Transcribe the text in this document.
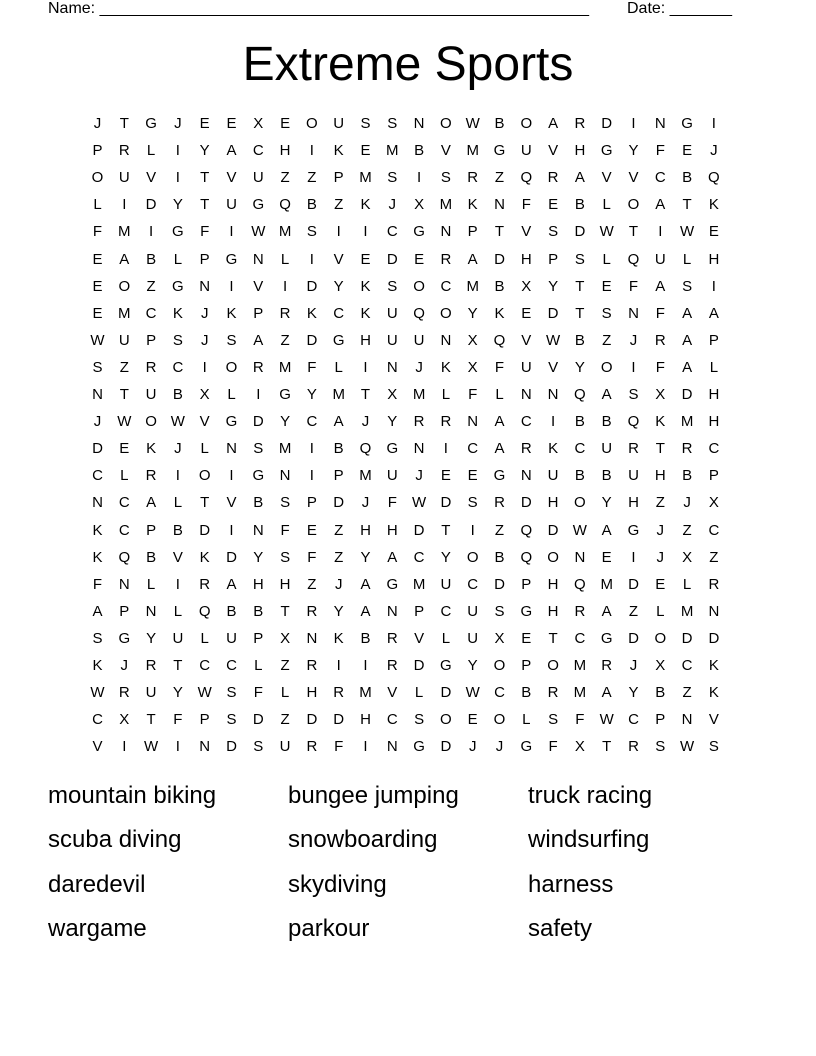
Name: _______________________________________________________ Date: _______
Extreme Sports
J	T	G	J	E	E	X	E	O	U	S	S	N	O W B	O	A	R	D	I	N	G	I
P	R	L	I	Y	A	C	H	I	K	E	M	B	V	M G	U	V	H	G	Y	F	E	J
O	U	V	I	T	V	U	Z	Z	P	M	S	I	S	R	Z	Q	R	A	V	V	C	B	Q
L	I	D	Y	T	U	G	Q	B	Z	K	J	X	M	K	N	F	E	B	L	O	A	T	K
F	M	I	G	F	I	W M	S	I	I	C	G	N	P	T	V	S	D W	T	I	W E
E	A	B	L	P	G	N	L	I	V	E	D	E	R	A	D	H	P	S	L	Q	U	L	H
E	O	Z	G	N	I	V	I	D	Y	K	S	O	C	M	B	X	Y	T	E	F	A	S	I
E	M	C	K	J	K	P	R	K	C	K	U	Q	O	Y	K	E	D	T	S	N	F	A	A
W U	P	S	J	S	A	Z	D	G	H	U	U	N	X	Q	V W B	Z	J	R	A	P
S	Z	R	C	I	O	R	M	F	L	I	N	J	K	X	F	U	V	Y	O	I	F	A	L
N	T	U	B	X	L	I	G	Y	M	T	X	M	L	F	L	N	N	Q	A	S	X	D	H
J	W O W V	G	D	Y	C	A	J	Y	R	R	N	A	C	I	B	B	Q	K	M	H
D	E	K	J	L	N	S	M	I	B	Q	G	N	I	C	A	R	K	C	U	R	T	R	C
C	L	R	I	O	I	G	N	I	P	M	U	J	E	E	G	N	U	B	B	U	H	B	P
N	C	A	L	T	V	B	S	P	D	J	F	W D	S	R	D	H	O	Y	H	Z	J	X
K	C	P	B	D	I	N	F	E	Z	H	H	D	T	I	Z	Q	D W A	G	J	Z	C
K	Q	B	V	K	D	Y	S	F	Z	Y	A	C	Y	O	B	Q	O	N	E	I	J	X	Z
F	N	L	I	R	A	H	H	Z	J	A	G M	U	C	D	P	H	Q M	D	E	L	R
A	P	N	L	Q	B	B	T	R	Y	A	N	P	C	U	S	G	H	R	A	Z	L	M	N
S	G	Y	U	L	U	P	X	N	K	B	R	V	L	U	X	E	T	C	G	D	O	D	D
K	J	R	T	C	C	L	Z	R	I	I	R	D	G	Y	O	P	O M	R	J	X	C	K
W R	U	Y W S	F	L	H	R	M	V	L	D W C	B	R	M	A	Y	B	Z	K
C	X	T	F	P	S	D	Z	D	D	H	C	S	O	E	O	L	S	F	W C	P	N	V
V	I	W	I	N	D	S	U	R	F	I	N	G	D	J	J	G	F	X	T	R	S W S
mountain biking	bungee jumping	truck racing
scuba diving	snowboarding	windsurfing
daredevil	skydiving	harness
wargame	parkour	safety
